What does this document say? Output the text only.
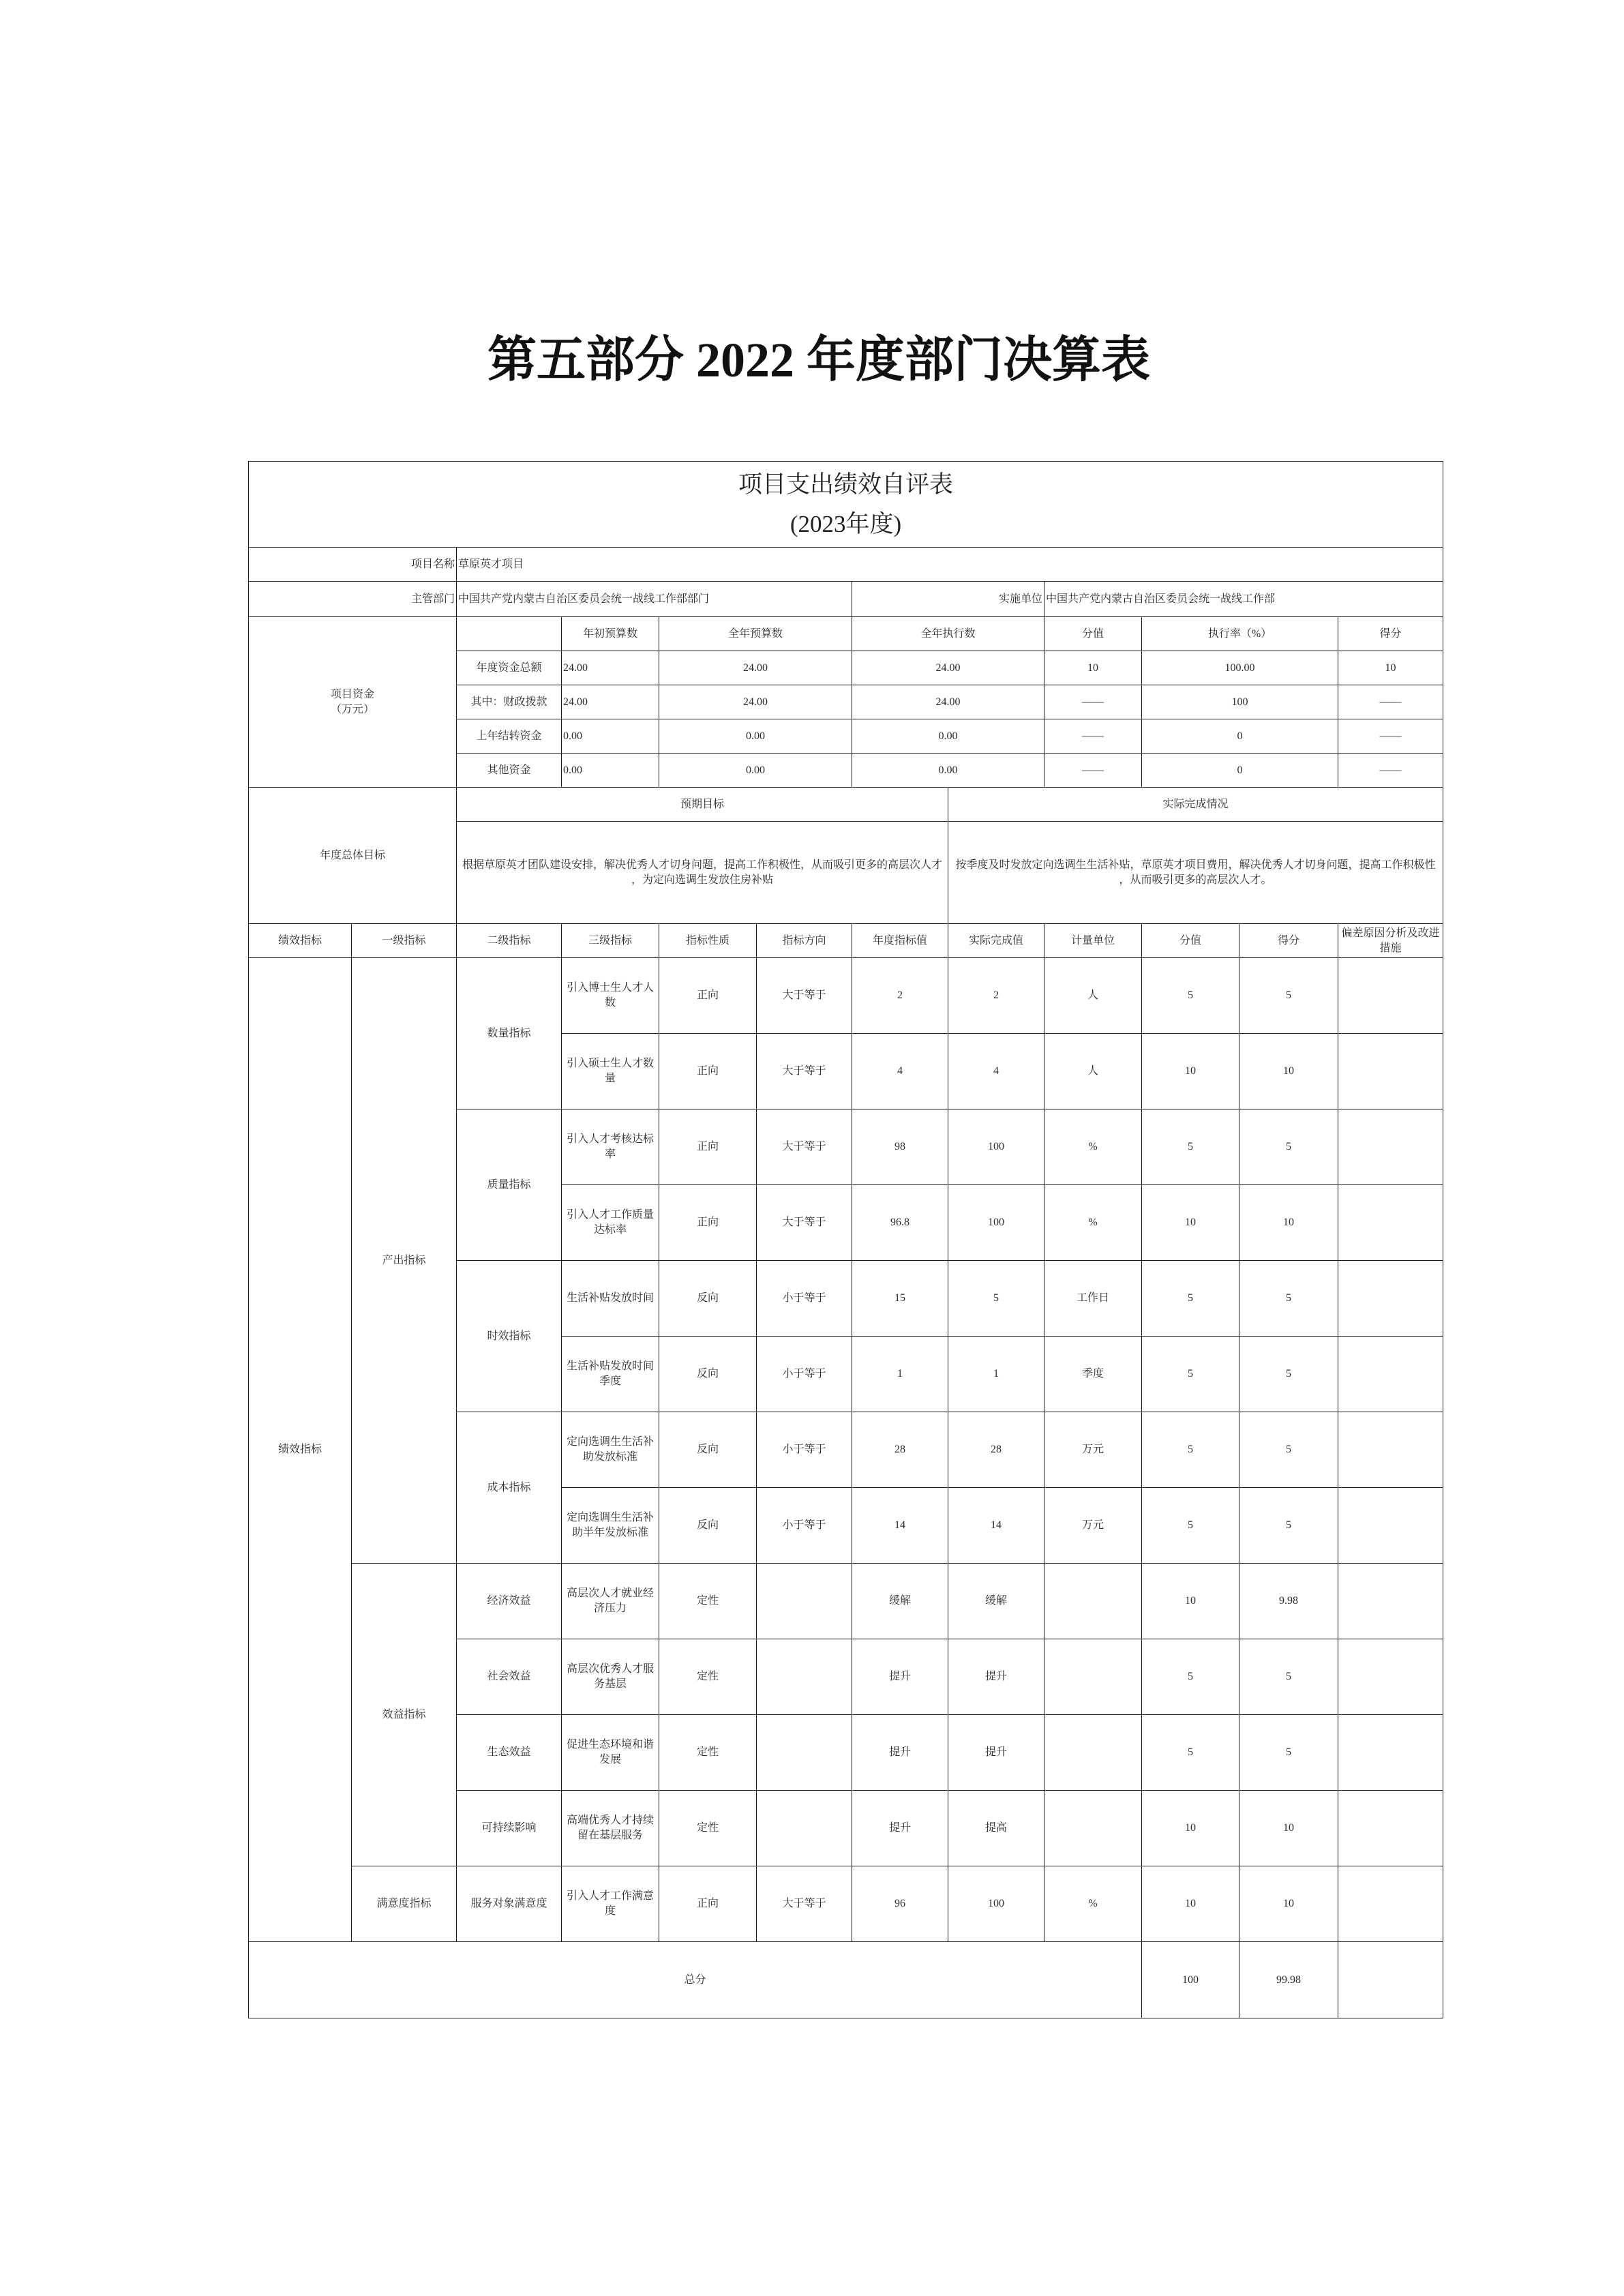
第五部分 2022 年度部门决算表
项目支出绩效自评表
(2023年度)											

项目名称		草原英才项目									
主管部门		中国共产党内蒙古自治区委员会统一战线工作部部门				实施单位		中国共产党内蒙古自治区委员会统一战线工作部			

项目资金
（万元）			年初预算数	全年预算数		全年执行数		分值	执行率（%）		得分
		年度资金总额	24.00	24.00		24.00		10	100.00		10
		其中：财政拨款	24.00	24.00		24.00		——	100		——
		上年结转资金	0.00	0.00		0.00		——	0		——
		其他资金	0.00	0.00		0.00		——	0		——
年度总体目标		预期目标					实际完成情况				
		根据草原英才团队建设安排，解决优秀人才切身问题，提高工作积极性，从而吸引更多的高层次人才，为定向选调生发放住房补贴					按季度及时发放定向选调生生活补贴，草原英才项目费用，解决优秀人才切身问题，提高工作积极性，从而吸引更多的高层次人才。				
绩效指标	一级指标	二级指标	三级指标	指标性质	指标方向	年度指标值	实际完成值	计量单位	分值	得分	偏差原因分析及改进措施
绩效指标	产出指标	数量指标	引入博士生人才人数	正向	大于等于	2	2	人	5	5	
			引入硕士生人才数量	正向	大于等于	4	4	人	10	10	
		质量指标	引入人才考核达标率	正向	大于等于	98	100	%	5	5	
			引入人才工作质量达标率	正向	大于等于	96.8	100	%	10	10	
		时效指标	生活补贴发放时间	反向	小于等于	15	5	工作日	5	5	
			生活补贴发放时间季度	反向	小于等于	1	1	季度	5	5	
		成本指标	定向选调生生活补助发放标准	反向	小于等于	28	28	万元	5	5	
			定向选调生生活补助半年发放标准	反向	小于等于	14	14	万元	5	5	
	效益指标	经济效益	高层次人才就业经济压力	定性		缓解	缓解		10	9.98	
		社会效益	高层次优秀人才服务基层	定性		提升	提升		5	5	
		生态效益	促进生态环境和谐发展	定性		提升	提升		5	5	
		可持续影响	高端优秀人才持续留在基层服务	定性		提升	提高		10	10	
	满意度指标	服务对象满意度	引入人才工作满意度	正向	大于等于	96	100	%	10	10	
总分									100	99.98	
